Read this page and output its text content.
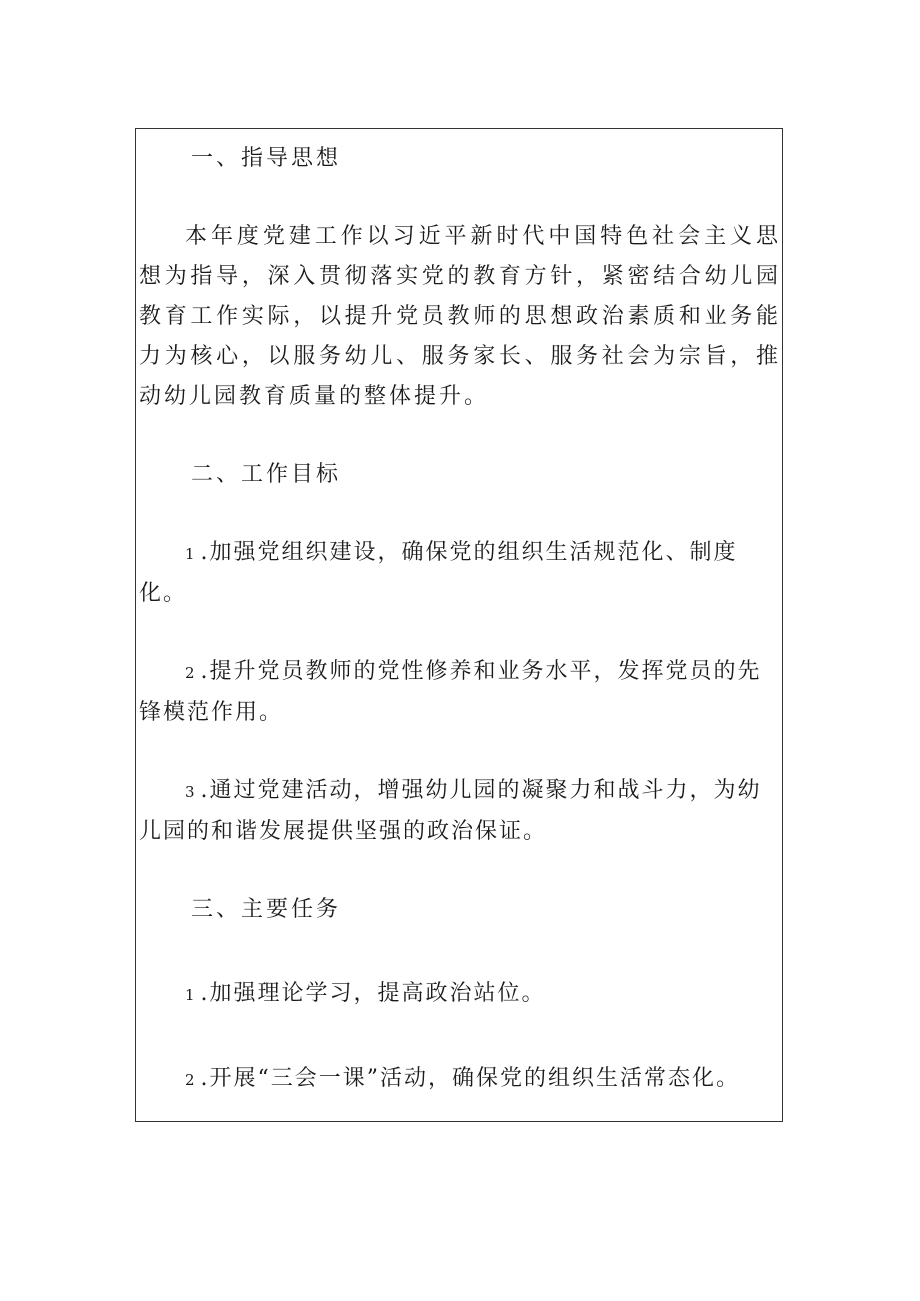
一、指导思想

本年度党建工作以习近平新时代中国特色社会主义思想为指导，深入贯彻落实党的教育方针，紧密结合幼儿园教育工作实际，以提升党员教师的思想政治素质和业务能力为核心，以服务幼儿、服务家长、服务社会为宗旨，推动幼儿园教育质量的整体提升。

二、工作目标

1 .加强党组织建设，确保党的组织生活规范化、制度化。

2 .提升党员教师的党性修养和业务水平，发挥党员的先锋模范作用。

3 .通过党建活动，增强幼儿园的凝聚力和战斗力，为幼儿园的和谐发展提供坚强的政治保证。

三、主要任务

1 .加强理论学习，提高政治站位。

2 .开展“三会一课”活动，确保党的组织生活常态化。
